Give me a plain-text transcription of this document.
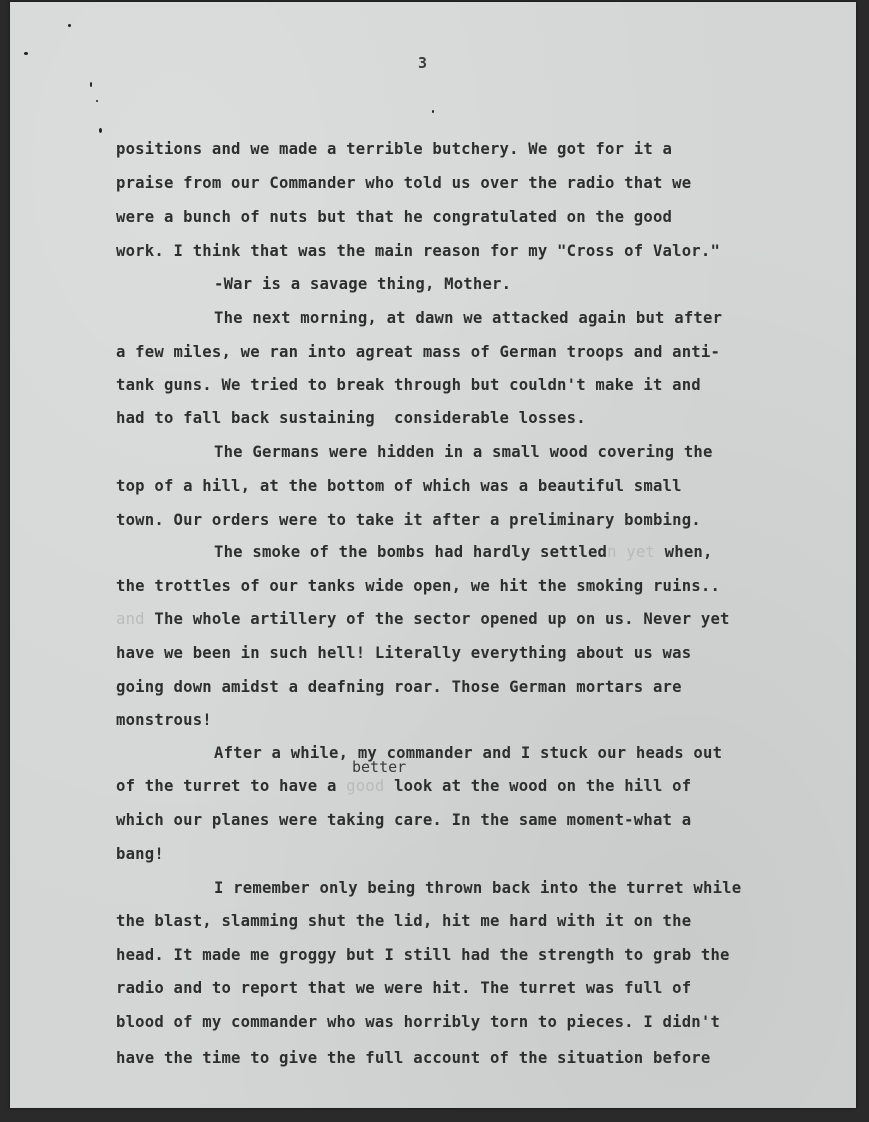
3
positions and we made a terrible butchery. We got for it a
praise from our Commander who told us over the radio that we
were a bunch of nuts but that he congratulated on the good
work. I think that was the main reason for my "Cross of Valor."
-War is a savage thing, Mother.
The next morning, at dawn we attacked again but after
a few miles, we ran into agreat mass of German troops and anti-
tank guns. We tried to break through but couldn't make it and
had to fall back sustaining  considerable losses.
The Germans were hidden in a small wood covering the
top of a hill, at the bottom of which was a beautiful small
town. Our orders were to take it after a preliminary bombing.
The smoke of the bombs had hardly settledn yet when,
the trottles of our tanks wide open, we hit the smoking ruins..
and The whole artillery of the sector opened up on us. Never yet
have we been in such hell! Literally everything about us was
going down amidst a deafning roar. Those German mortars are
monstrous!
After a while, my commander and I stuck our heads out
better
of the turret to have a good look at the wood on the hill of
which our planes were taking care. In the same moment-what a
bang!
I remember only being thrown back into the turret while
the blast, slamming shut the lid, hit me hard with it on the
head. It made me groggy but I still had the strength to grab the
radio and to report that we were hit. The turret was full of
blood of my commander who was horribly torn to pieces. I didn't
have the time to give the full account of the situation before
